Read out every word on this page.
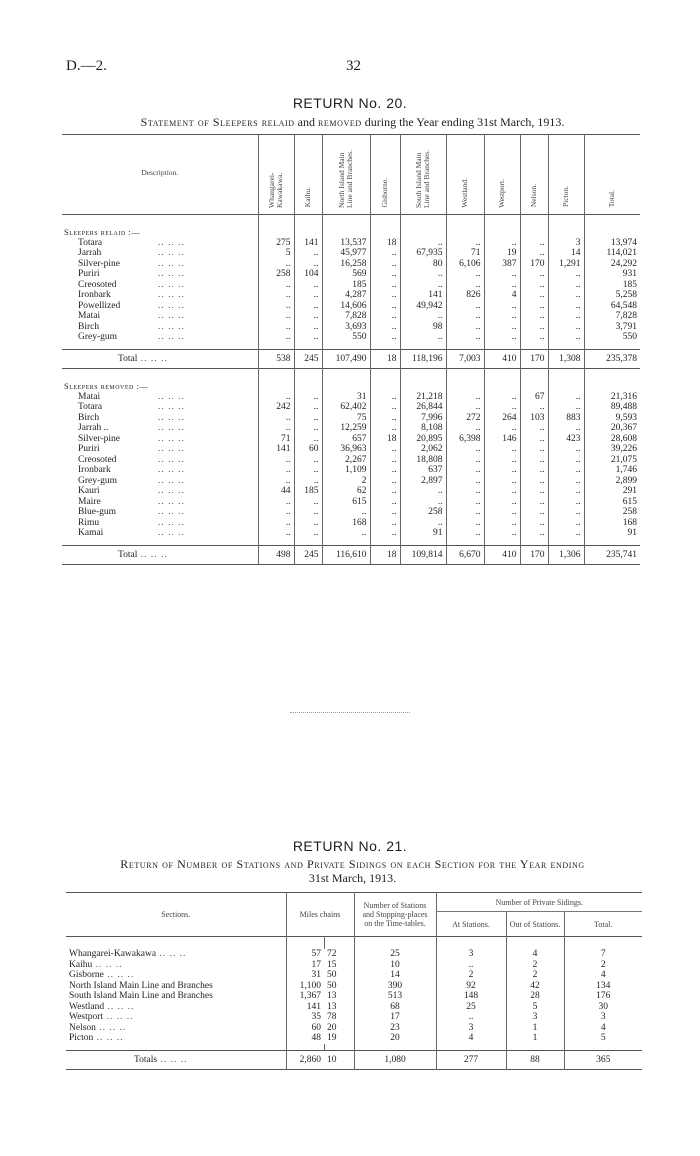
D.—2.	32
RETURN No. 20.
Statement of Sleepers relaid and removed during the Year ending 31st March, 1913.
Description.	Whangarei-Kawakawa.	Kaihu.	North Island Main Line and Branches.	Gisborne.	South Island Main Line and Branches.	Westland.	Westport.	Nelson.	Picton.	Total.
Sleepers relaid :—										
Totara .. .. ..	275	141	13,537	18	..	..	..	..	3	13,974
Jarrah .. .. ..	5	..	45,977	..	67,935	71	19	..	14	114,021
Silver-pine .. .. ..	..	..	16,258	..	80	6,106	387	170	1,291	24,292
Puriri .. .. ..	258	104	569	..	..	..	..	..	..	931
Creosoted .. .. ..	..	..	185	..	..	..	..	..	..	185
Ironbark .. .. ..	..	..	4,287	..	141	826	4	..	..	5,258
Powellized .. .. ..	..	..	14,606	..	49,942	..	..	..	..	64,548
Matai .. .. ..	..	..	7,828	..	..	..	..	..	..	7,828
Birch .. .. ..	..	..	3,693	..	98	..	..	..	..	3,791
Grey-gum .. .. ..	..	..	550	..	..	..	..	..	..	550

Total .. .. ..	538	245	107,490	18	118,196	7,003	410	170	1,308	235,378
Sleepers removed :—										
Matai .. .. ..	..	..	31	..	21,218	..	..	67	..	21,316
Totara .. .. ..	242	..	62,402	..	26,844	..	..	..	..	89,488
Birch .. .. ..	..	..	75	..	7,996	272	264	103	883	9,593
Jarrah .. .. .. ..	..	..	12,259	..	8,108	..	..	..	..	20,367
Silver-pine .. .. ..	71	..	657	18	20,895	6,398	146	..	423	28,608
Puriri .. .. ..	141	60	36,963	..	2,062	..	..	..	..	39,226
Creosoted .. .. ..	..	..	2,267	..	18,808	..	..	..	..	21,075
Ironbark .. .. ..	..	..	1,109	..	637	..	..	..	..	1,746
Grey-gum .. .. ..	..	..	2	..	2,897	..	..	..	..	2,899
Kauri .. .. ..	44	185	62	..	..	..	..	..	..	291
Maire .. .. ..	..	..	615	..	..	..	..	..	..	615
Blue-gum .. .. ..	..	..	..	..	258	..	..	..	..	258
Rimu .. .. ..	..	..	168	..	..	..	..	..	..	168
Kamai .. .. ..	..	..	..	..	91	..	..	..	..	91

Total .. .. ..	498	245	116,610	18	109,814	6,670	410	170	1,306	235,741
RETURN No. 21.
Return of Number of Stations and Private Sidings on each Section for the Year ending
31st March, 1913.
Sections.	Miles chains		Number of Stations and Stopping-places on the Time-tables.	Number of Private Sidings.		
				At Stations.	Out of Stations.	Total.

Whangarei-Kawakawa .. .. ..	57	72	25	3	4	7
Kaihu .. .. ..	17	15	10	..	2	2
Gisborne .. .. ..	31	50	14	2	2	4
North Island Main Line and Branches	1,100	50	390	92	42	134
South Island Main Line and Branches	1,367	13	513	148	28	176
Westland .. .. ..	141	13	68	25	5	30
Westport .. .. ..	35	78	17	..	3	3
Nelson .. .. ..	60	20	23	3	1	4
Picton .. .. ..	48	19	20	4	1	5

Totals .. .. ..	2,860	10	1,080	277	88	365
